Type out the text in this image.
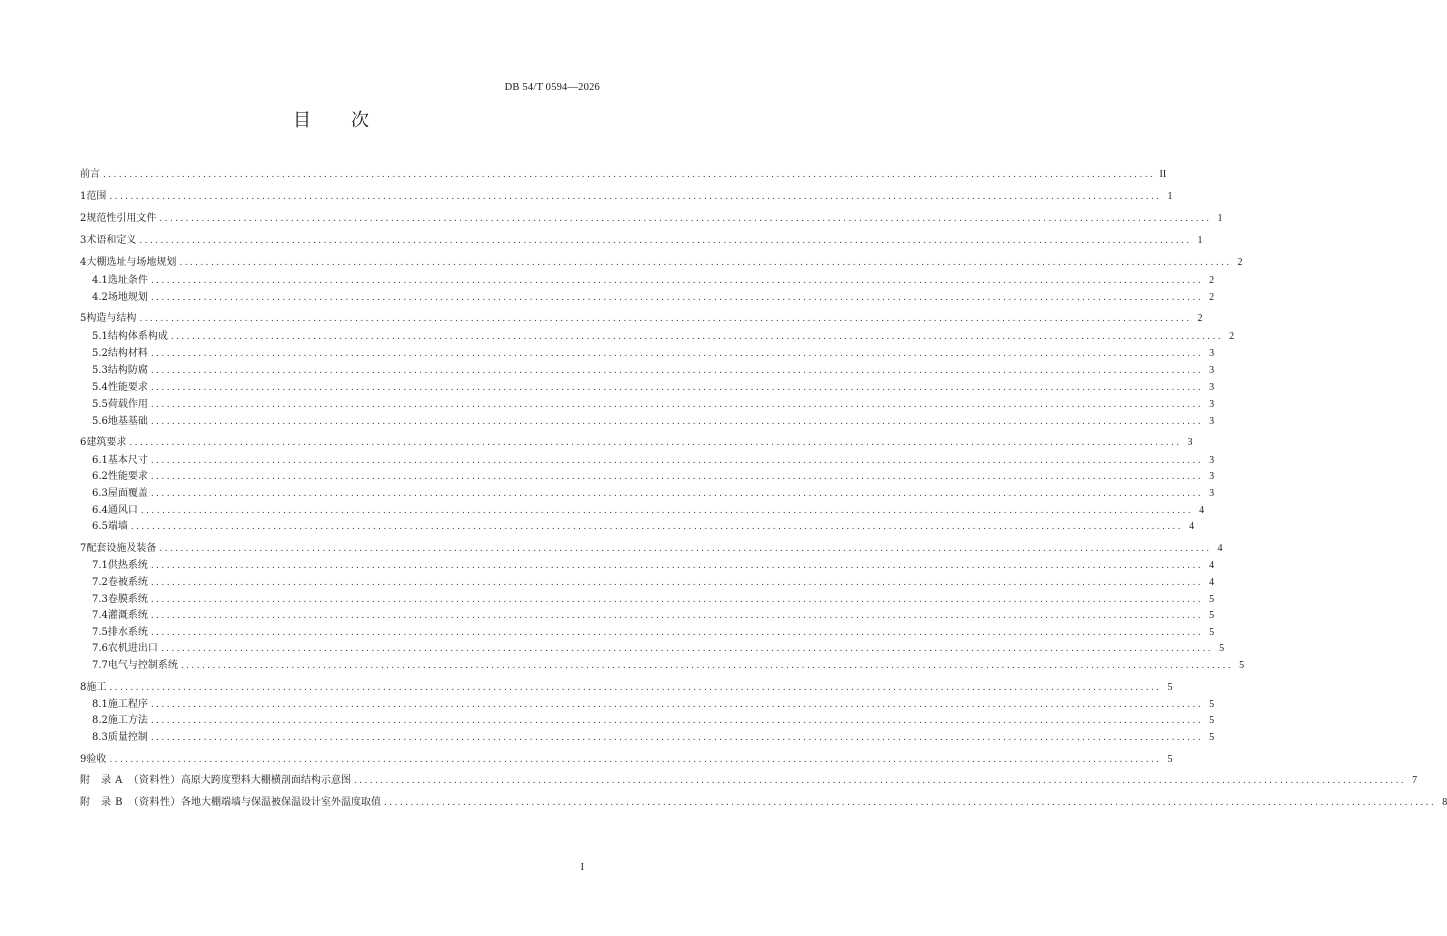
DB 54/T 0594—2026
目 次
前言 ........................................................................................................................................................................................................ II
1 范围 ........................................................................................................................................................................................................ 1
2 规范性引用文件 ........................................................................................................................................................................................................ 1
3 术语和定义 ........................................................................................................................................................................................................ 1
4 大棚选址与场地规划 ........................................................................................................................................................................................................ 2
4.1 选址条件 ........................................................................................................................................................................................................ 2
4.2 场地规划 ........................................................................................................................................................................................................ 2
5 构造与结构 ........................................................................................................................................................................................................ 2
5.1 结构体系构成 ........................................................................................................................................................................................................ 2
5.2 结构材料 ........................................................................................................................................................................................................ 3
5.3 结构防腐 ........................................................................................................................................................................................................ 3
5.4 性能要求 ........................................................................................................................................................................................................ 3
5.5 荷载作用 ........................................................................................................................................................................................................ 3
5.6 地基基础 ........................................................................................................................................................................................................ 3
6 建筑要求 ........................................................................................................................................................................................................ 3
6.1 基本尺寸 ........................................................................................................................................................................................................ 3
6.2 性能要求 ........................................................................................................................................................................................................ 3
6.3 屋面覆盖 ........................................................................................................................................................................................................ 3
6.4 通风口 ........................................................................................................................................................................................................ 4
6.5 端墙 ........................................................................................................................................................................................................ 4
7 配套设施及装备 ........................................................................................................................................................................................................ 4
7.1 供热系统 ........................................................................................................................................................................................................ 4
7.2 卷被系统 ........................................................................................................................................................................................................ 4
7.3 卷膜系统 ........................................................................................................................................................................................................ 5
7.4 灌溉系统 ........................................................................................................................................................................................................ 5
7.5 排水系统 ........................................................................................................................................................................................................ 5
7.6 农机进出口 ........................................................................................................................................................................................................ 5
7.7 电气与控制系统 ........................................................................................................................................................................................................ 5
8 施工 ........................................................................................................................................................................................................ 5
8.1 施工程序 ........................................................................................................................................................................................................ 5
8.2 施工方法 ........................................................................................................................................................................................................ 5
8.3 质量控制 ........................................................................................................................................................................................................ 5
9 验收 ........................................................................................................................................................................................................ 5
附　录 A　（资料性） 高原大跨度塑料大棚横剖面结构示意图 ........................................................................................................................................................................................................ 7
附　录 B　（资料性） 各地大棚端墙与保温被保温设计室外温度取值 ........................................................................................................................................................................................................ 8
I
